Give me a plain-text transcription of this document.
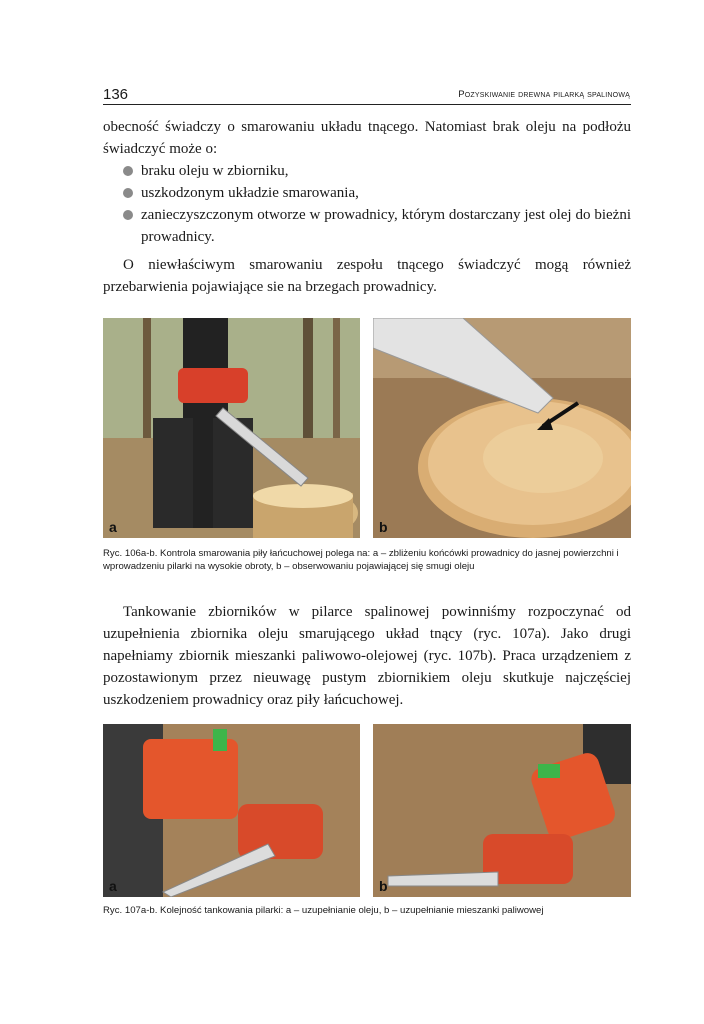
136	Pozyskiwanie drewna pilarką spalinową

obecność świadczy o smarowaniu układu tnącego. Natomiast brak oleju na podłożu świadczyć może o:

braku oleju w zbiorniku,
uszkodzonym układzie smarowania,
zanieczyszczonym otworze w prowadnicy, którym dostarczany jest olej do bieżni prowadnicy.

O niewłaściwym smarowaniu zespołu tnącego świadczyć mogą również przebarwienia pojawiające sie na brzegach prowadnicy.

a	b
Ryc. 106a-b. Kontrola smarowania piły łańcuchowej polega na: a – zbliżeniu końcówki prowadnicy do jasnej powierzchni i wprowadzeniu pilarki na wysokie obroty, b – obserwowaniu pojawiającej się smugi oleju

Tankowanie zbiorników w pilarce spalinowej powinniśmy rozpoczynać od uzupełnienia zbiornika oleju smarującego układ tnący (ryc. 107a). Jako drugi napełniamy zbiornik mieszanki paliwowo-olejowej (ryc. 107b). Praca urządzeniem z pozostawionym przez nieuwagę pustym zbiornikiem oleju skutkuje najczęściej uszkodzeniem prowadnicy oraz piły łańcuchowej.

a	b
Ryc. 107a-b. Kolejność tankowania pilarki: a – uzupełnianie oleju, b – uzupełnianie mieszanki paliwowej
